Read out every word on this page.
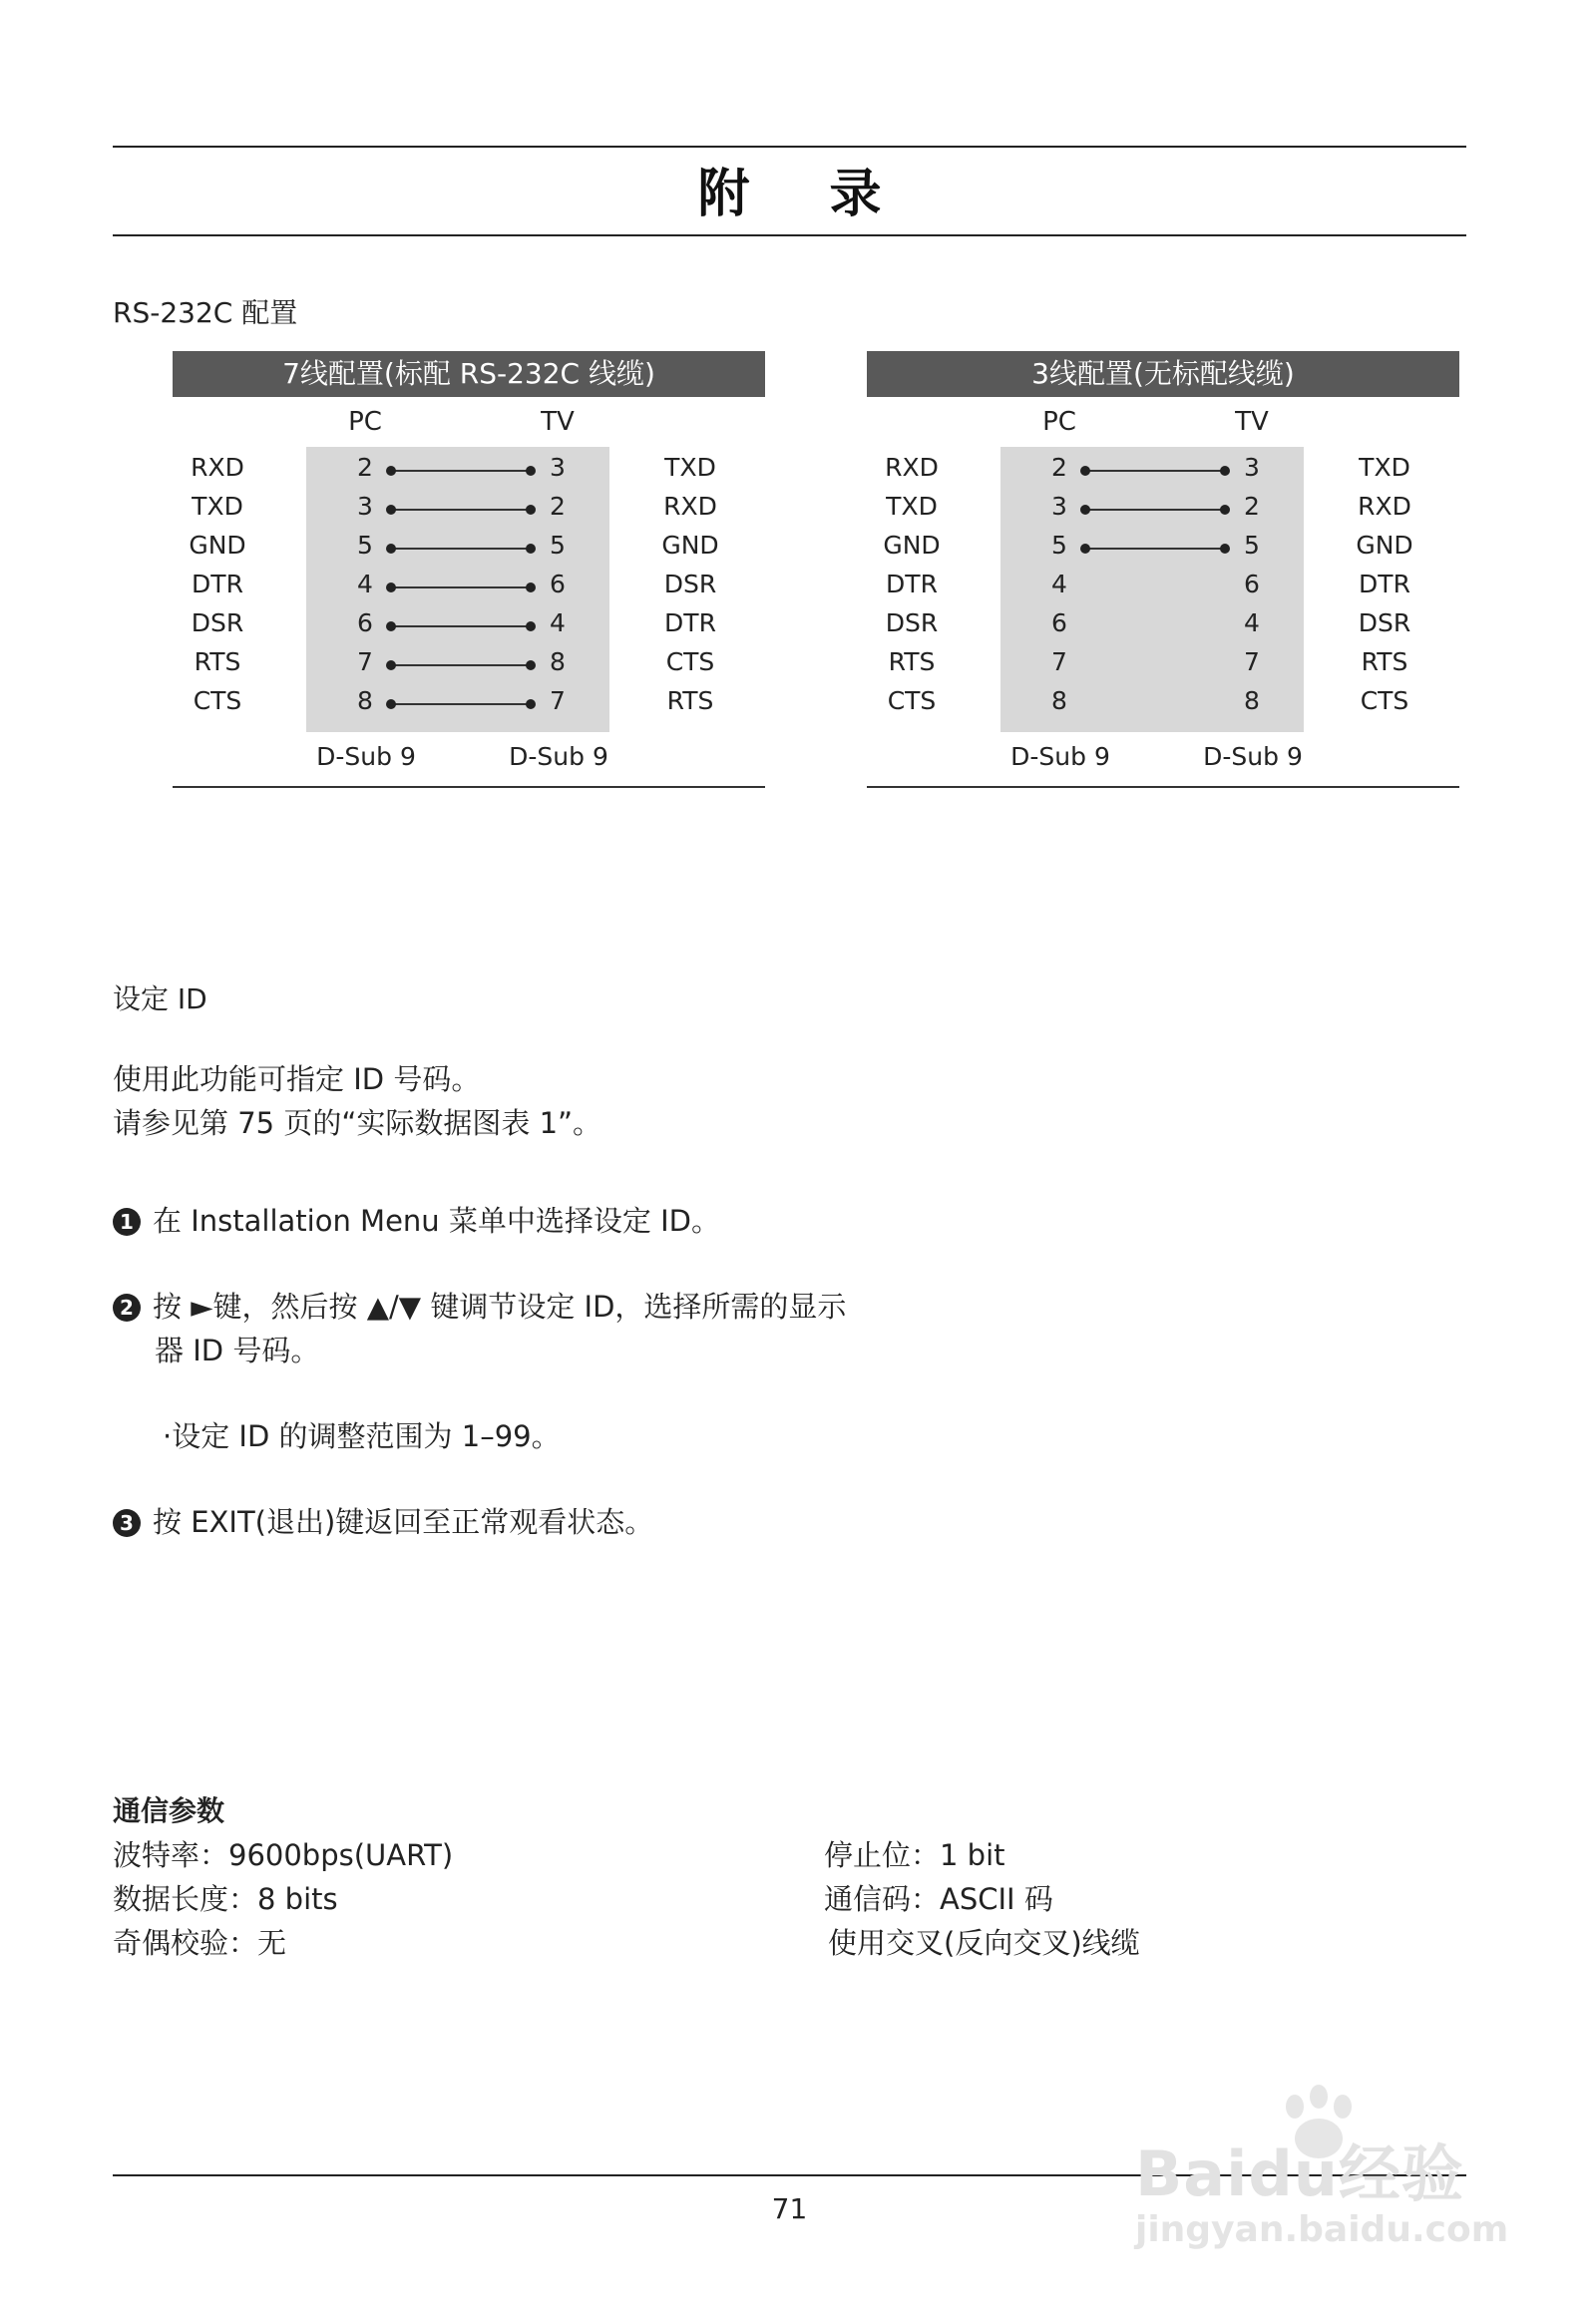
附 录
RS-232C 配置
7线配置(标配 RS-232C 线缆)
PC	TV
RXD	2	3	TXD
TXD	3	2	RXD
GND	5	5	GND
DTR	4	6	DSR
DSR	6	4	DTR
RTS	7	8	CTS
CTS	8	7	RTS
D-Sub 9	D-Sub 9
3线配置(无标配线缆)
PC	TV
RXD	2	3	TXD
TXD	3	2	RXD
GND	5	5	GND
DTR	4	6	DTR
DSR	6	4	DSR
RTS	7	7	RTS
CTS	8	8	CTS
D-Sub 9	D-Sub 9
设定 ID
使用此功能可指定 ID 号码。
请参见第 75 页的“实际数据图表 1”。
1 在 Installation Menu 菜单中选择设定 ID。
2 按 ►键，然后按 ▲/▼ 键调节设定 ID，选择所需的显示
器 ID 号码。
·设定 ID 的调整范围为 1–99。
3 按 EXIT(退出)键返回至正常观看状态。
通信参数
波特率：9600bps(UART)
数据长度：8 bits
奇偶校验：无
停止位：1 bit
通信码：ASCII 码
使用交叉(反向交叉)线缆
71	Baidu经验
jingyan.baidu.com
